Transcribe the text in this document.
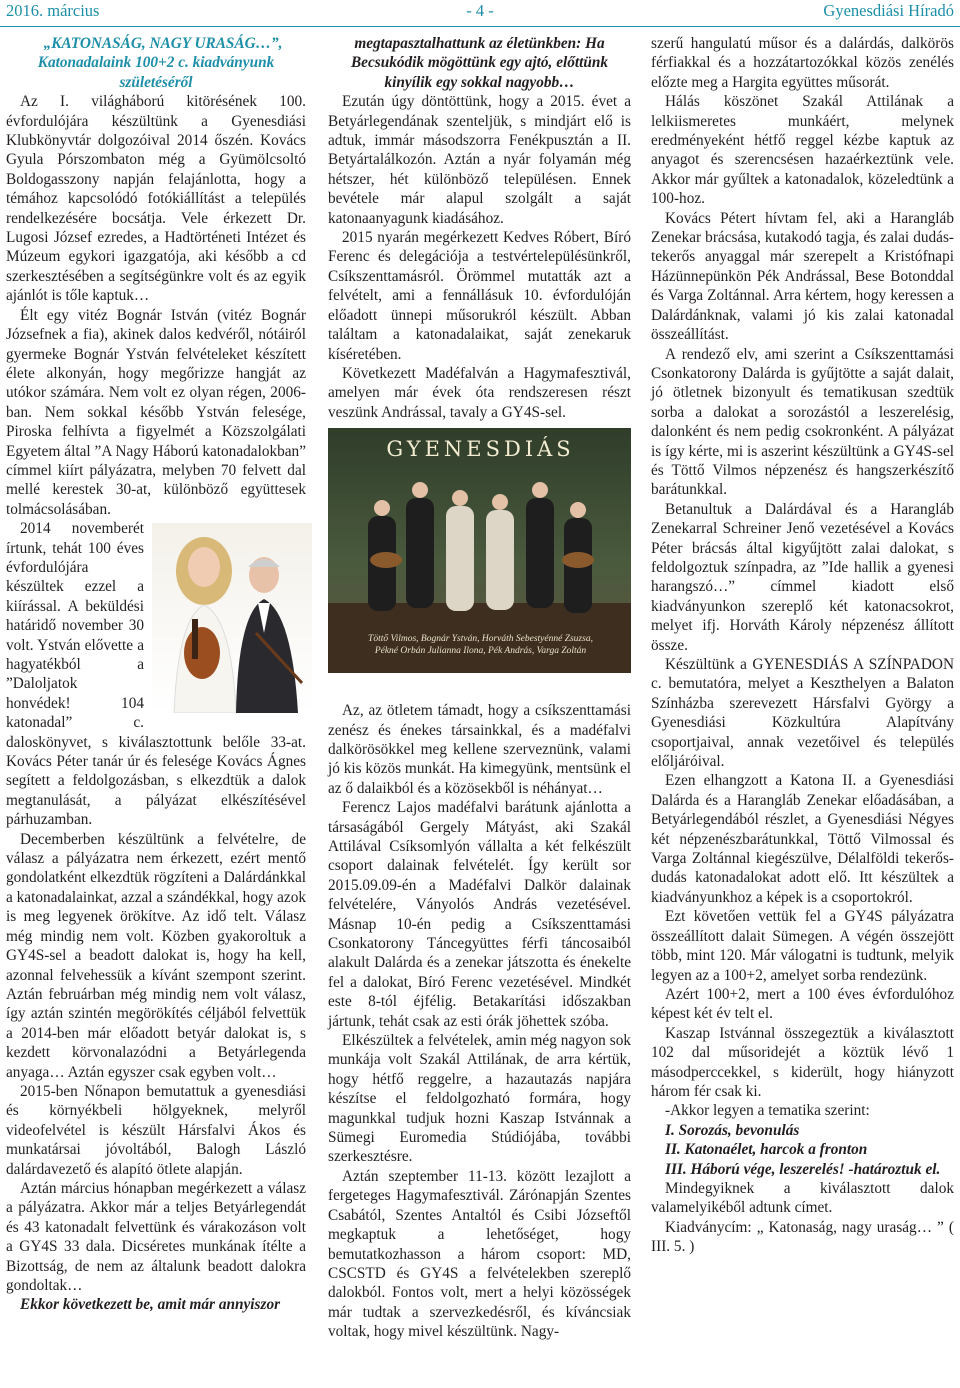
2016. március	- 4 -	Gyenesdiási Híradó

„KATONASÁG, NAGY URASÁG…”, Katonadalaink 100+2 c. kiadványunk születéséről

Az I. világháború kitörésének 100. évfordulójára készültünk a Gyenesdiási Klubkönyvtár dolgozóival 2014 őszén. Kovács Gyula Pórszombaton még a Gyümölcsoltó Boldogasszony napján felajánlotta, hogy a témához kapcsolódó fotókiállítást a település rendelkezésére bocsátja. Vele érkezett Dr. Lugosi József ezredes, a Hadtörténeti Intézet és Múzeum egykori igazgatója, aki később a cd szerkesztésében a segítségünkre volt és az egyik ajánlót is tőle kaptuk…

Élt egy vitéz Bognár István (vitéz Bognár Józsefnek a fia), akinek dalos kedvéről, nótáiról gyermeke Bognár Ystván felvételeket készített élete alkonyán, hogy megőrizze hangját az utókor számára. Nem volt ez olyan régen, 2006-ban. Nem sokkal később Ystván felesége, Piroska felhívta a figyelmét a Közszolgálati Egyetem által ”A Nagy Háború katonadalokban” címmel kiírt pályázatra, melyben 70 felvett dal mellé kerestek 30-at, különböző együttesek tolmácsolásában.

2014 novemberét írtunk, tehát 100 éves évfordulójára készültek ezzel a kiírással. A beküldési határidő november 30 volt. Ystván elővette a hagyatékból a ”Daloljatok honvédek! 104 katonadal” c. daloskönyvet, s kiválasztottunk belőle 33-at. Kovács Péter tanár úr és felesége Kovács Ágnes segített a feldolgozásban, s elkezdtük a dalok megtanulását, a pályázat elkészítésével párhuzamban.

Decemberben készültünk a felvételre, de válasz a pályázatra nem érkezett, ezért mentő gondolatként elkezdtük rögzíteni a Dalárdánkkal a katonadalainkat, azzal a szándékkal, hogy azok is meg legyenek örökítve. Az idő telt. Válasz még mindig nem volt. Közben gyakoroltuk a GY4S-sel a beadott dalokat is, hogy ha kell, azonnal felvehessük a kívánt szempont szerint. Aztán februárban még mindig nem volt válasz, így aztán szintén megörökítés céljából felvettük a 2014-ben már előadott betyár dalokat is, s kezdett körvonalazódni a Betyárlegenda anyaga… Aztán egyszer csak egyben volt…

2015-ben Nőnapon bemutattuk a gyenesdiási és környékbeli hölgyeknek, melyről videofelvétel is készült Hársfalvi Ákos és munkatársai jóvoltából, Balogh László dalárdavezető és alapító ötlete alapján.

Aztán március hónapban megérkezett a válasz a pályázatra. Akkor már a teljes Betyárlegendát és 43 katonadalt felvettünk és várakozáson volt a GY4S 33 dala. Dicséretes munkának ítélte a Bizottság, de nem az általunk beadott dalokra gondoltak…

Ekkor következett be, amit már annyiszor

megtapasztalhattunk az életünkben: Ha Becsukódik mögöttünk egy ajtó, előttünk kinyílik egy sokkal nagyobb…

Ezután úgy döntöttünk, hogy a 2015. évet a Betyárlegendának szenteljük, s mindjárt elő is adtuk, immár másodszorra Fenékpusztán a II. Betyártalálkozón. Aztán a nyár folyamán még hétszer, hét különböző településen. Ennek bevétele már alapul szolgált a saját katonaanyagunk kiadásához.

2015 nyarán megérkezett Kedves Róbert, Bíró Ferenc és delegációja a testvértelepülésünkről, Csíkszenttamásról. Örömmel mutatták azt a felvételt, ami a fennállásuk 10. évfordulóján előadott ünnepi műsorukról készült. Abban találtam a katonadalaikat, saját zenekaruk kíséretében.

Következett Madéfalván a Hagymafesztivál, amelyen már évek óta rendszeresen részt veszünk Andrással, tavaly a GY4S-sel.

GYENESDIÁS
Töttő Vilmos, Bognár Ystván, Horváth Sebestyénné Zsuzsa, Pékné Orbán Julianna Ilona, Pék András, Varga Zoltán

Az, az ötletem támadt, hogy a csíkszenttamási zenész és énekes társainkkal, és a madéfalvi dalkörösökkel meg kellene szerveznünk, valami jó kis közös munkát. Ha kimegyünk, mentsünk el az ő dalaikból és a közösekből is néhányat…

Ferencz Lajos madéfalvi barátunk ajánlotta a társaságából Gergely Mátyást, aki Szakál Attilával Csíksomlyón vállalta a két felkészült csoport dalainak felvételét. Így került sor 2015.09.09-én a Madéfalvi Dalkör dalainak felvételére, Ványolós András vezetésével. Másnap 10-én pedig a Csíkszenttamási Csonkatorony Táncegyüttes férfi táncosaiból alakult Dalárda és a zenekar játszotta és énekelte fel a dalokat, Bíró Ferenc vezetésével. Mindkét este 8-tól éjfélig. Betakarítási időszakban jártunk, tehát csak az esti órák jöhettek szóba.

Elkészültek a felvételek, amin még nagyon sok munkája volt Szakál Attilának, de arra kértük, hogy hétfő reggelre, a hazautazás napjára készítse el feldolgozható formára, hogy magunkkal tudjuk hozni Kaszap Istvánnak a Sümegi Euromedia Stúdiójába, további szerkesztésre.

Aztán szeptember 11-13. között lezajlott a fergeteges Hagymafesztivál. Zárónapján Szentes Csabától, Szentes Antaltól és Csibi Józseftől megkaptuk a lehetőséget, hogy bemutatkozhasson a három csoport: MD, CSCSTD és GY4S a felvételekben szereplő dalokból. Fontos volt, mert a helyi közösségek már tudtak a szervezkedésről, és kíváncsiak voltak, hogy mivel készültünk. Nagy-

szerű hangulatú műsor és a dalárdás, dalkörös férfiakkal és a hozzátartozókkal közös zenélés előzte meg a Hargita együttes műsorát.

Hálás köszönet Szakál Attilának a lelkiismeretes munkáért, melynek eredményeként hétfő reggel kézbe kaptuk az anyagot és szerencsésen hazaérkeztünk vele. Akkor már gyűltek a katonadalok, közeledtünk a 100-hoz.

Kovács Pétert hívtam fel, aki a Harangláb Zenekar brácsása, kutakodó tagja, és zalai dudás-tekerős anyaggal már szerepelt a Kristófnapi Házünnepünkön Pék Andrással, Bese Botonddal és Varga Zoltánnal. Arra kértem, hogy keressen a Dalárdánknak, valami jó kis zalai katonadal összeállítást.

A rendező elv, ami szerint a Csíkszenttamási Csonkatorony Dalárda is gyűjtötte a saját dalait, jó ötletnek bizonyult és tematikusan szedtük sorba a dalokat a sorozástól a leszerelésig, dalonként és nem pedig csokronként. A pályázat is így kérte, mi is aszerint készültünk a GY4S-sel és Töttő Vilmos népzenész és hangszerkészítő barátunkkal.

Betanultuk a Dalárdával és a Harangláb Zenekarral Schreiner Jenő vezetésével a Kovács Péter brácsás által kigyűjtött zalai dalokat, s feldolgoztuk színpadra, az ”Ide hallik a gyenesi harangszó…” címmel kiadott első kiadványunkon szereplő két katonacsokrot, melyet ifj. Horváth Károly népzenész állított össze.

Készültünk a GYENESDIÁS A SZÍNPADON c. bemutatóra, melyet a Keszthelyen a Balaton Színházba szerevezett Hársfalvi György a Gyenesdiási Közkultúra Alapítvány csoportjaival, annak vezetőivel és település előljáróival.

Ezen elhangzott a Katona II. a Gyenesdiási Dalárda és a Harangláb Zenekar előadásában, a Betyárlegendából részlet, a Gyenesdiási Négyes két népzenészbarátunkkal, Töttő Vilmossal és Varga Zoltánnal kiegészülve, Délalföldi tekerős-dudás katonadalokat adott elő. Itt készültek a kiadványunkhoz a képek is a csoportokról.

Ezt követően vettük fel a GY4S pályázatra összeállított dalait Sümegen. A végén összejött több, mint 120. Már válogatni is tudtunk, melyik legyen az a 100+2, amelyet sorba rendezünk.

Azért 100+2, mert a 100 éves évfordulóhoz képest két év telt el.

Kaszap Istvánnal összegeztük a kiválasztott 102 dal műsoridejét a köztük lévő 1 másodperccekkel, s kiderült, hogy hiányzott három fér csak ki.

-Akkor legyen a tematika szerint:

I. Sorozás, bevonulás
II. Katonaélet, harcok a fronton
III. Háború vége, leszerelés! -határoztuk el.

Mindegyiknek a kiválasztott dalok valamelyikéből adtunk címet.

Kiadványcím: „ Katonaság, nagy uraság… ” ( III. 5. )
